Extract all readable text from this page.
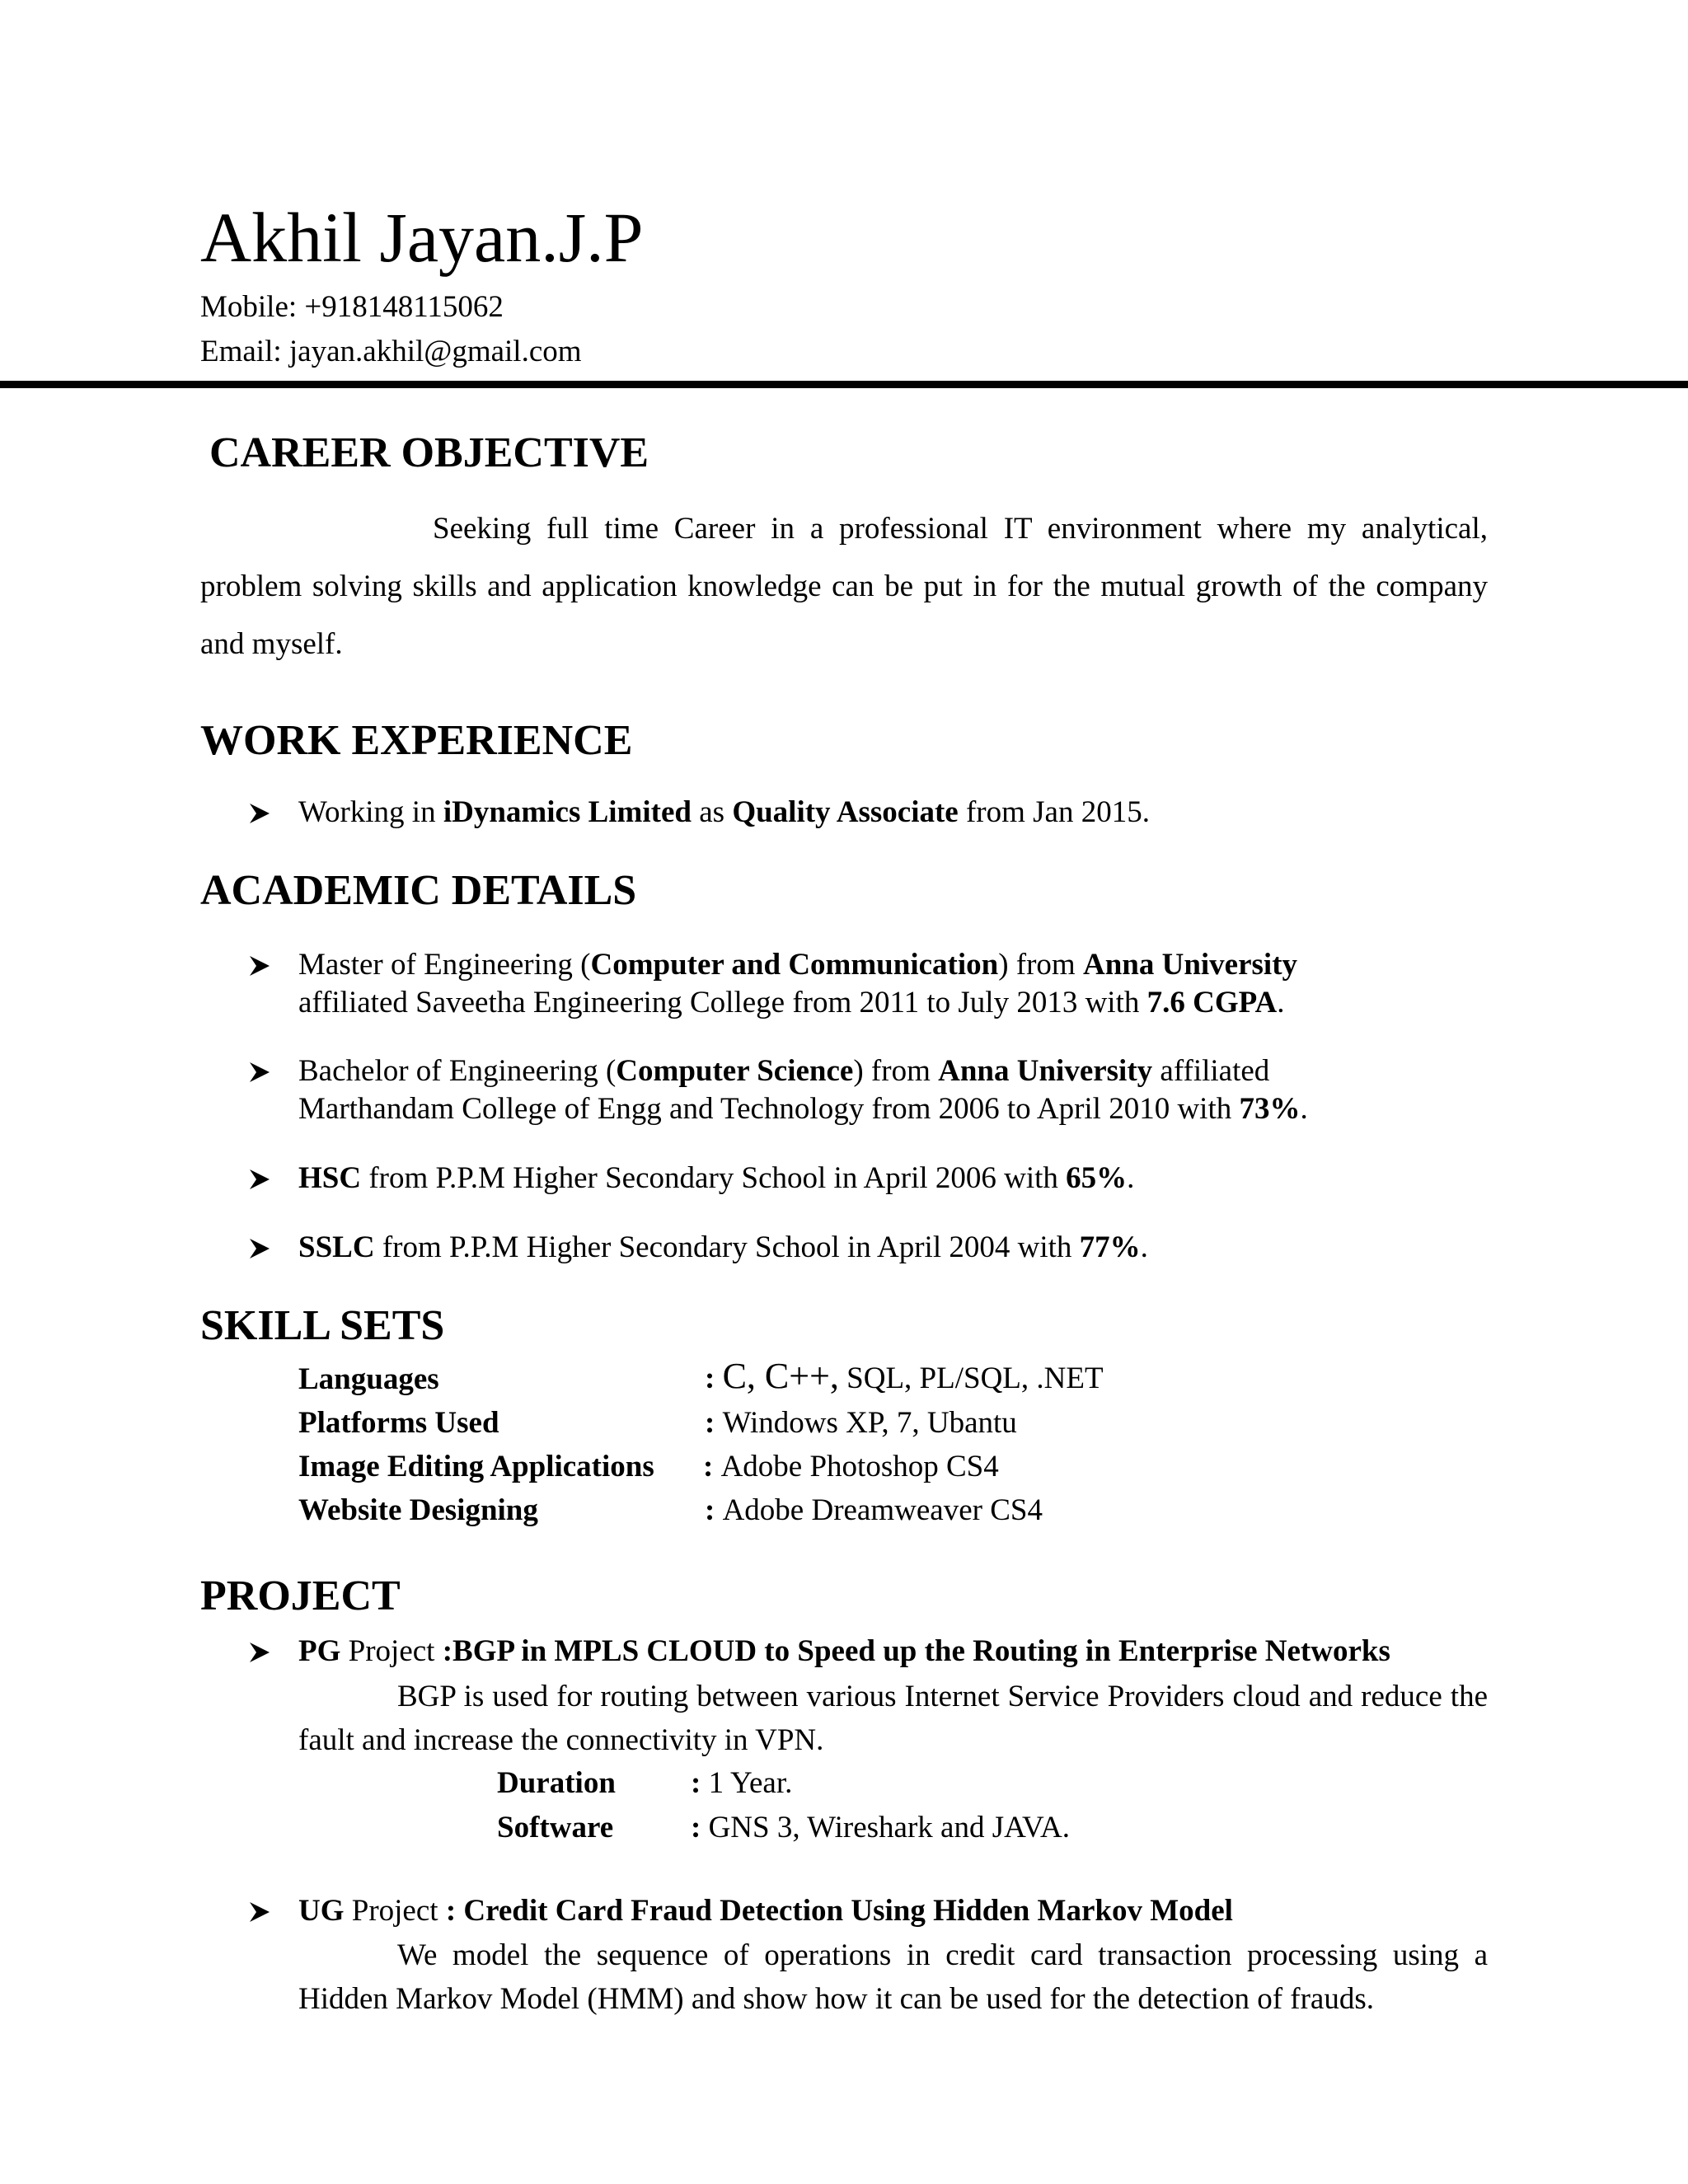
Akhil Jayan.J.P
Mobile: +918148115062
Email: jayan.akhil@gmail.com
CAREER OBJECTIVE
Seeking full time Career in a professional IT environment where my analytical, problem solving skills and application knowledge can be put in for the mutual growth of the company and myself.
WORK EXPERIENCE
Working in iDynamics Limited as Quality Associate from Jan 2015.
ACADEMIC DETAILS
Master of Engineering (Computer and Communication) from Anna University
affiliated Saveetha Engineering College from 2011 to July 2013 with 7.6 CGPA.
Bachelor of Engineering (Computer Science) from Anna University affiliated
Marthandam College of Engg and Technology from 2006 to April 2010 with 73%.
HSC from P.P.M Higher Secondary School in April 2006 with 65%.
SSLC from P.P.M Higher Secondary School in April 2004 with 77%.
SKILL SETS
Languages	: C, C++, SQL, PL/SQL, .NET
Platforms Used	: Windows XP, 7, Ubantu
Image Editing Applications : Adobe Photoshop CS4
Website Designing	: Adobe Dreamweaver CS4
PROJECT
PG Project :BGP in MPLS CLOUD to Speed up the Routing in Enterprise Networks
BGP is used for routing between various Internet Service Providers cloud and reduce the fault and increase the connectivity in VPN.
Duration : 1 Year.
Software	: GNS 3, Wireshark and JAVA.
UG Project : Credit Card Fraud Detection Using Hidden Markov Model
We model the sequence of operations in credit card transaction processing using a Hidden Markov Model (HMM) and show how it can be used for the detection of frauds.
